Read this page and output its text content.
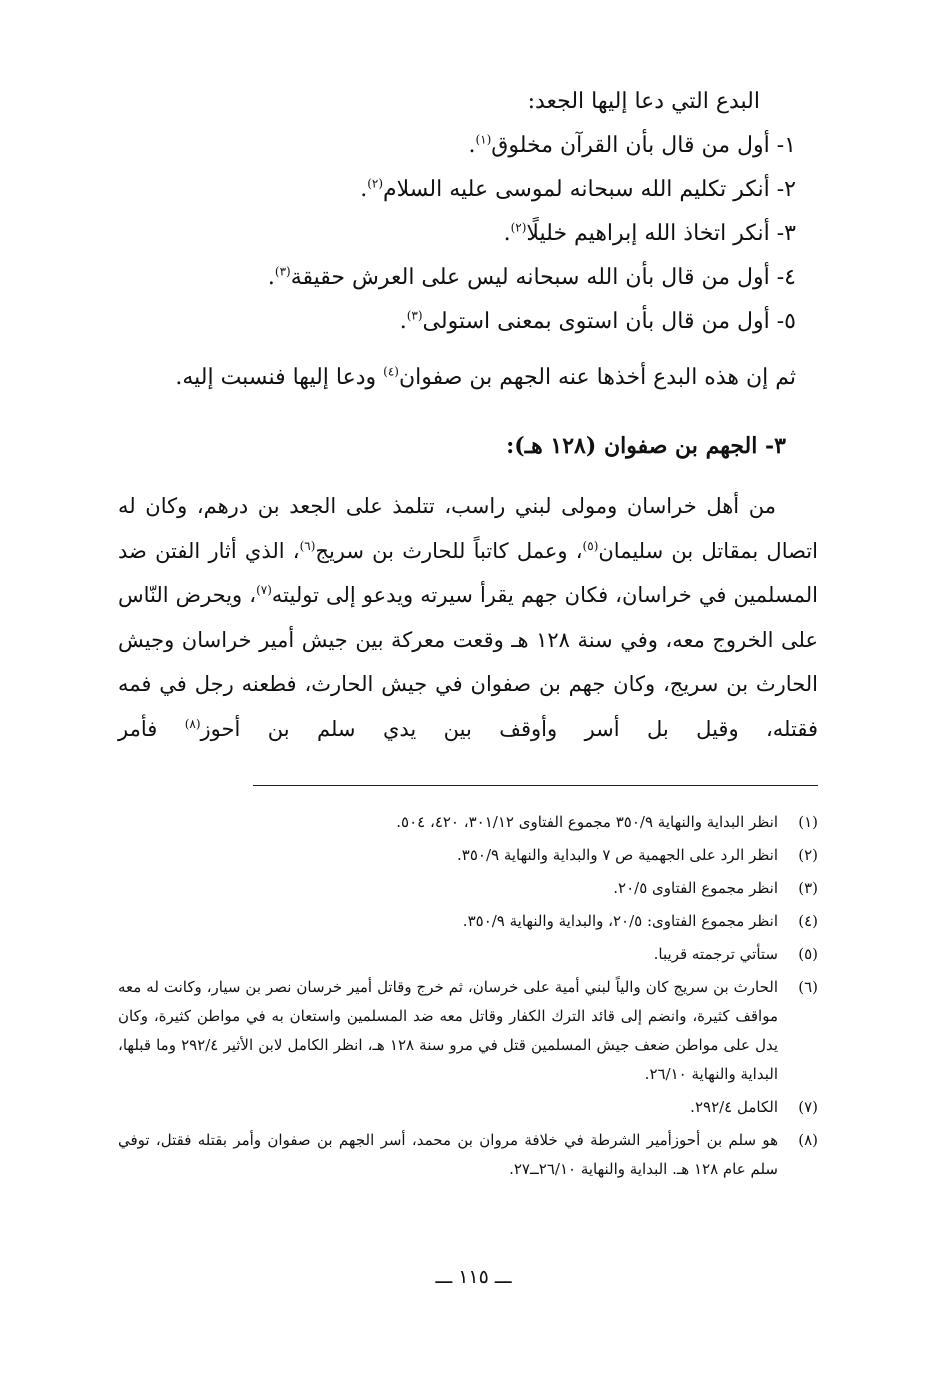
البدع التي دعا إليها الجعد:

١- أول من قال بأن القرآن مخلوق$^{(١)}$.
٢- أنكر تكليم الله سبحانه لموسى عليه السلام$^{(٢)}$.
٣- أنكر اتخاذ الله إبراهيم خليلًا$^{(٢)}$.
٤- أول من قال بأن الله سبحانه ليس على العرش حقيقة$^{(٣)}$.
٥- أول من قال بأن استوى بمعنى استولى$^{(٣)}$.

ثم إن هذه البدع أخذها عنه الجهم بن صفوان$^{(٤)}$ ودعا إليها فنسبت إليه.

٣- الجهم بن صفوان (١٢٨ هـ):

من أهل خراسان ومولى لبني راسب، تتلمذ على الجعد بن درهم، وكان له اتصال بمقاتل بن سليمان$^{(٥)}$، وعمل كاتباً للحارث بن سريج$^{(٦)}$، الذي أثار الفتن ضد المسلمين في خراسان، فكان جهم يقرأ سيرته ويدعو إلى توليته$^{(٧)}$، ويحرض النّاس على الخروج معه، وفي سنة ١٢٨ هـ وقعت معركة بين جيش أمير خراسان وجيش الحارث بن سريج، وكان جهم بن صفوان في جيش الحارث، فطعنه رجل في فمه فقتله، وقيل بل أسر وأوقف بين يدي سلم بن أحوز$^{(٨)}$ فأمر

(١)
انظر البداية والنهاية ٣٥٠/٩ مجموع الفتاوى ٣٠١/١٢، ٤٢٠، ٥٠٤.
(٢)
انظر الرد على الجهمية ص ٧ والبداية والنهاية ٣٥٠/٩.
(٣)
انظر مجموع الفتاوى ٢٠/٥.
(٤)
انظر مجموع الفتاوى: ٢٠/٥، والبداية والنهاية ٣٥٠/٩.
(٥)
ستأتي ترجمته قريبا.
(٦)
الحارث بن سريج كان والياً لبني أمية على خرسان، ثم خرج وقاتل أمير خرسان نصر بن سيار، وكانت له معه مواقف كثيرة، وانضم إلى قائد الترك الكفار وقاتل معه ضد المسلمين واستعان به في مواطن كثيرة، وكان يدل على مواطن ضعف جيش المسلمين قتل في مرو سنة ١٢٨ هـ، انظر الكامل لابن الأثير ٢٩٢/٤ وما قبلها، البداية والنهاية ٢٦/١٠.
(٧)
الكامل ٢٩٢/٤.
(٨)
هو سلم بن أحوزأمير الشرطة في خلافة مروان بن محمد، أسر الجهم بن صفوان وأمر بقتله فقتل، توفي سلم عام ١٢٨ هـ. البداية والنهاية ٢٦/١٠ــ٢٧.
ـــ ١١٥ ـــ
